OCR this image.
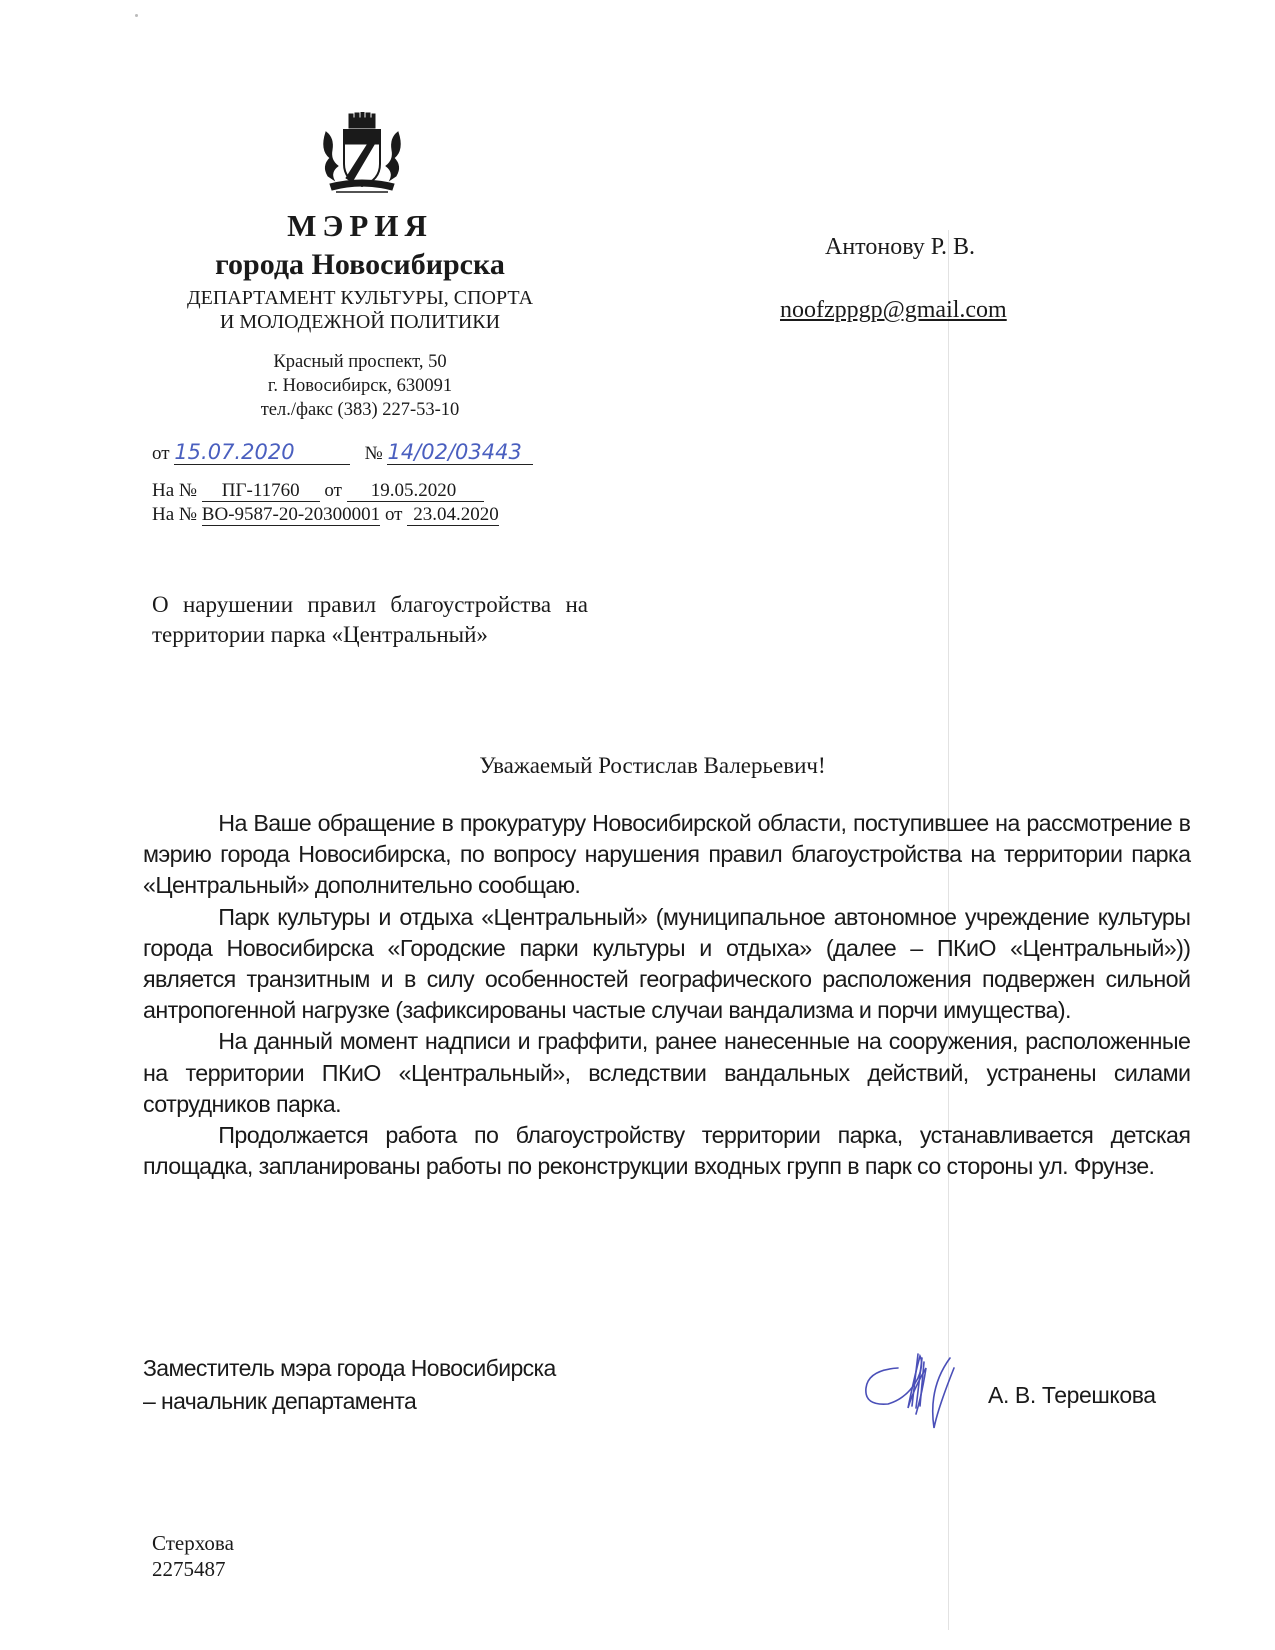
МЭРИЯ
города Новосибирска
ДЕПАРТАМЕНТ КУЛЬТУРЫ, СПОРТА
И МОЛОДЕЖНОЙ ПОЛИТИКИ
Красный проспект, 50
г. Новосибирск, 630091
тел./факс (383) 227-53-10
от 15.07.2020	№ 14/02/03443
На № ПГ-11760 от 19.05.2020
На № ВО-9587-20-20300001 от 23.04.2020
Антонову Р. В.
noofzppgp@gmail.com
О нарушении правил благоустройства на территории парка «Центральный»
Уважаемый Ростислав Валерьевич!

На Ваше обращение в прокуратуру Новосибирской области, поступившее на рассмотрение в мэрию города Новосибирска, по вопросу нарушения правил благоустройства на территории парка «Центральный» дополнительно сообщаю.

Парк культуры и отдыха «Центральный» (муниципальное автономное учреждение культуры города Новосибирска «Городские парки культуры и отдыха» (далее – ПКиО «Центральный»)) является транзитным и в силу особенностей географического расположения подвержен сильной антропогенной нагрузке (зафиксированы частые случаи вандализма и порчи имущества).

На данный момент надписи и граффити, ранее нанесенные на сооружения, расположенные на территории ПКиО «Центральный», вследствии вандальных действий, устранены силами сотрудников парка.

Продолжается работа по благоустройству территории парка, устанавливается детская площадка, запланированы работы по реконструкции входных групп в парк со стороны ул. Фрунзе.

Заместитель мэра города Новосибирска
– начальник департамента	А. В. Терешкова
Стерхова
2275487
